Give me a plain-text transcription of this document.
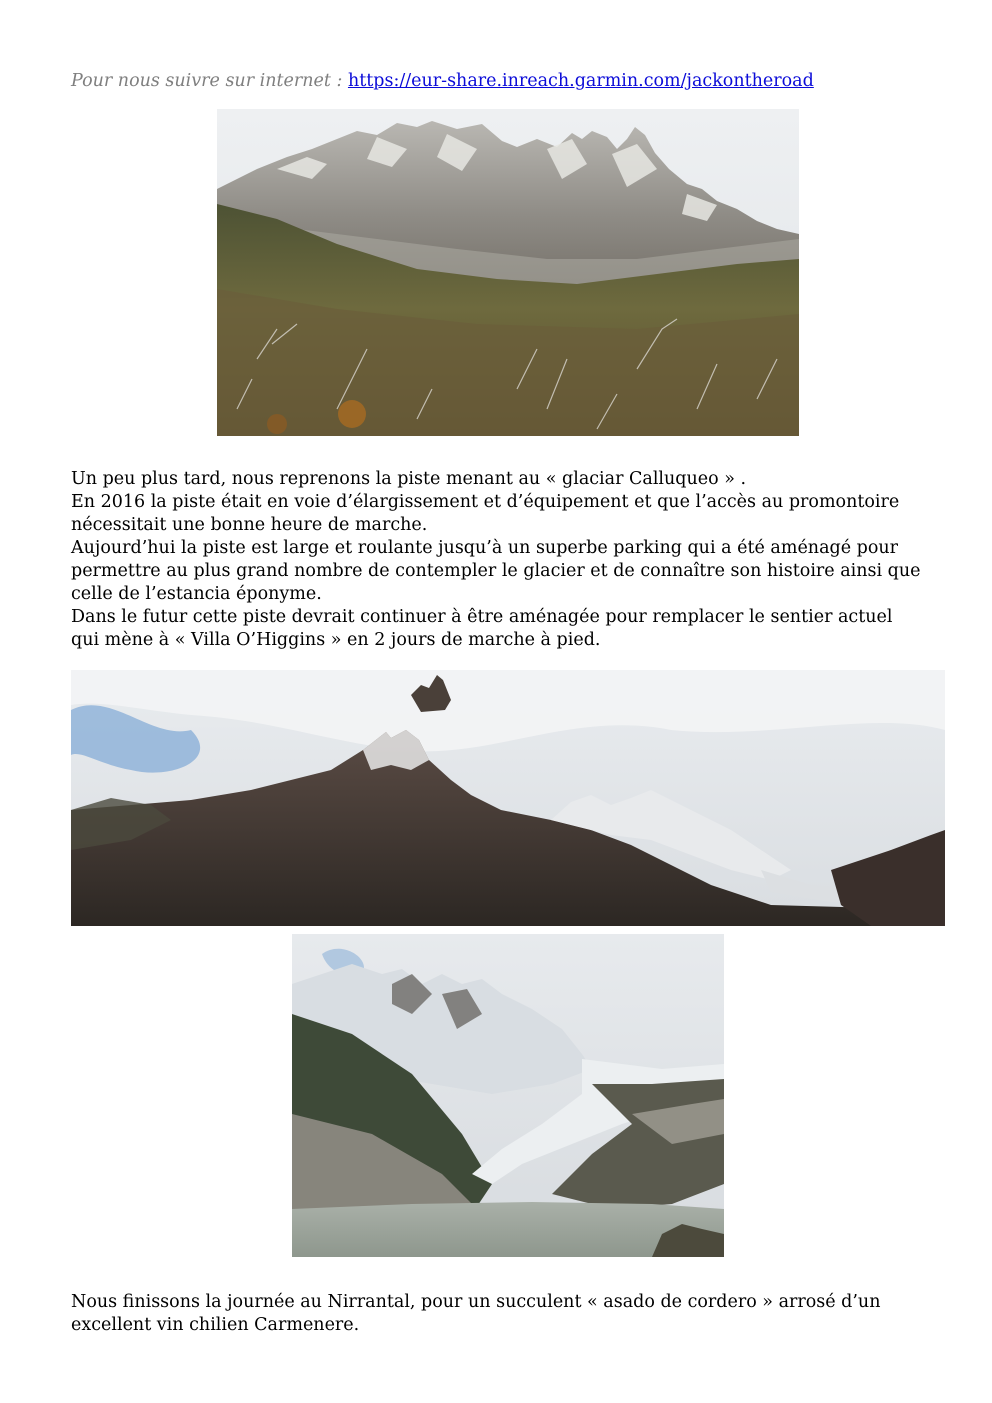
Pour nous suivre sur internet : https://eur-share.inreach.garmin.com/jackontheroad

Un peu plus tard, nous reprenons la piste menant au « glaciar Calluqueo » .

En 2016 la piste était en voie d’élargissement et d’équipement et que l’accès au promontoire nécessitait une bonne heure de marche.

Aujourd’hui la piste est large et roulante jusqu’à un superbe parking qui a été aménagé pour permettre au plus grand nombre de contempler le glacier et de connaître son histoire ainsi que celle de l’estancia éponyme.

Dans le futur cette piste devrait continuer à être aménagée pour remplacer le sentier actuel qui mène à « Villa O’Higgins » en 2 jours de marche à pied.

Nous finissons la journée au Nirrantal, pour un succulent « asado de cordero » arrosé d’un excellent vin chilien Carmenere.
